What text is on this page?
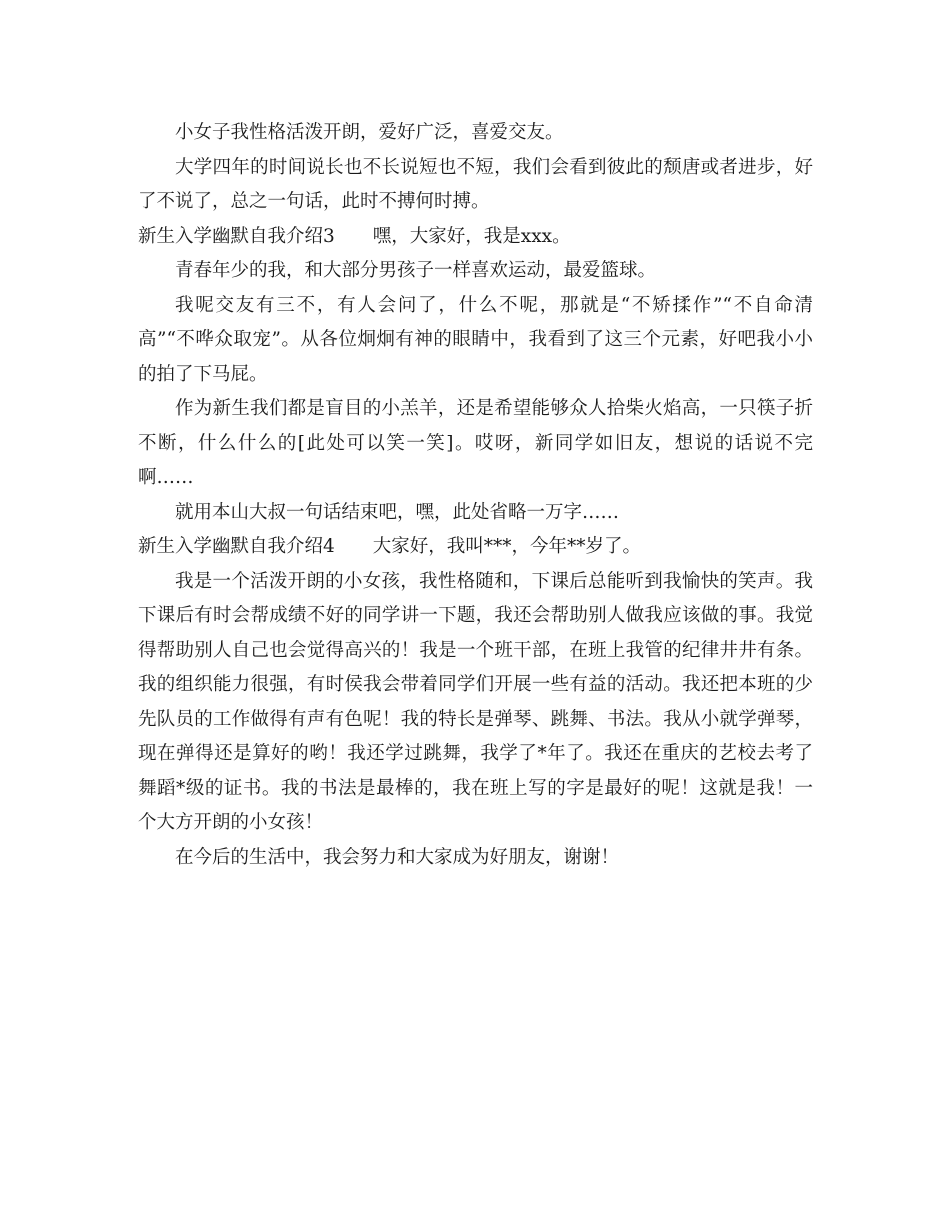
小女子我性格活泼开朗，爱好广泛，喜爱交友。

大学四年的时间说长也不长说短也不短，我们会看到彼此的颓唐或者进步，好了不说了，总之一句话，此时不搏何时搏。

新生入学幽默自我介绍3 嘿，大家好，我是xxx。

青春年少的我，和大部分男孩子一样喜欢运动，最爱篮球。

我呢交友有三不，有人会问了，什么不呢，那就是“不矫揉作”“不自命清高”“不哗众取宠”。从各位炯炯有神的眼睛中，我看到了这三个元素，好吧我小小的拍了下马屁。

作为新生我们都是盲目的小羔羊，还是希望能够众人拾柴火焰高，一只筷子折不断，什么什么的[此处可以笑一笑]。哎呀，新同学如旧友，想说的话说不完啊……

就用本山大叔一句话结束吧，嘿，此处省略一万字……

新生入学幽默自我介绍4 大家好，我叫***，今年**岁了。

我是一个活泼开朗的小女孩，我性格随和，下课后总能听到我愉快的笑声。我下课后有时会帮成绩不好的同学讲一下题，我还会帮助别人做我应该做的事。我觉得帮助别人自己也会觉得高兴的！我是一个班干部，在班上我管的纪律井井有条。我的组织能力很强，有时侯我会带着同学们开展一些有益的活动。我还把本班的少先队员的工作做得有声有色呢！我的特长是弹琴、跳舞、书法。我从小就学弹琴，现在弹得还是算好的哟！我还学过跳舞，我学了*年了。我还在重庆的艺校去考了舞蹈*级的证书。我的书法是最棒的，我在班上写的字是最好的呢！这就是我！一个大方开朗的小女孩！

在今后的生活中，我会努力和大家成为好朋友，谢谢！
